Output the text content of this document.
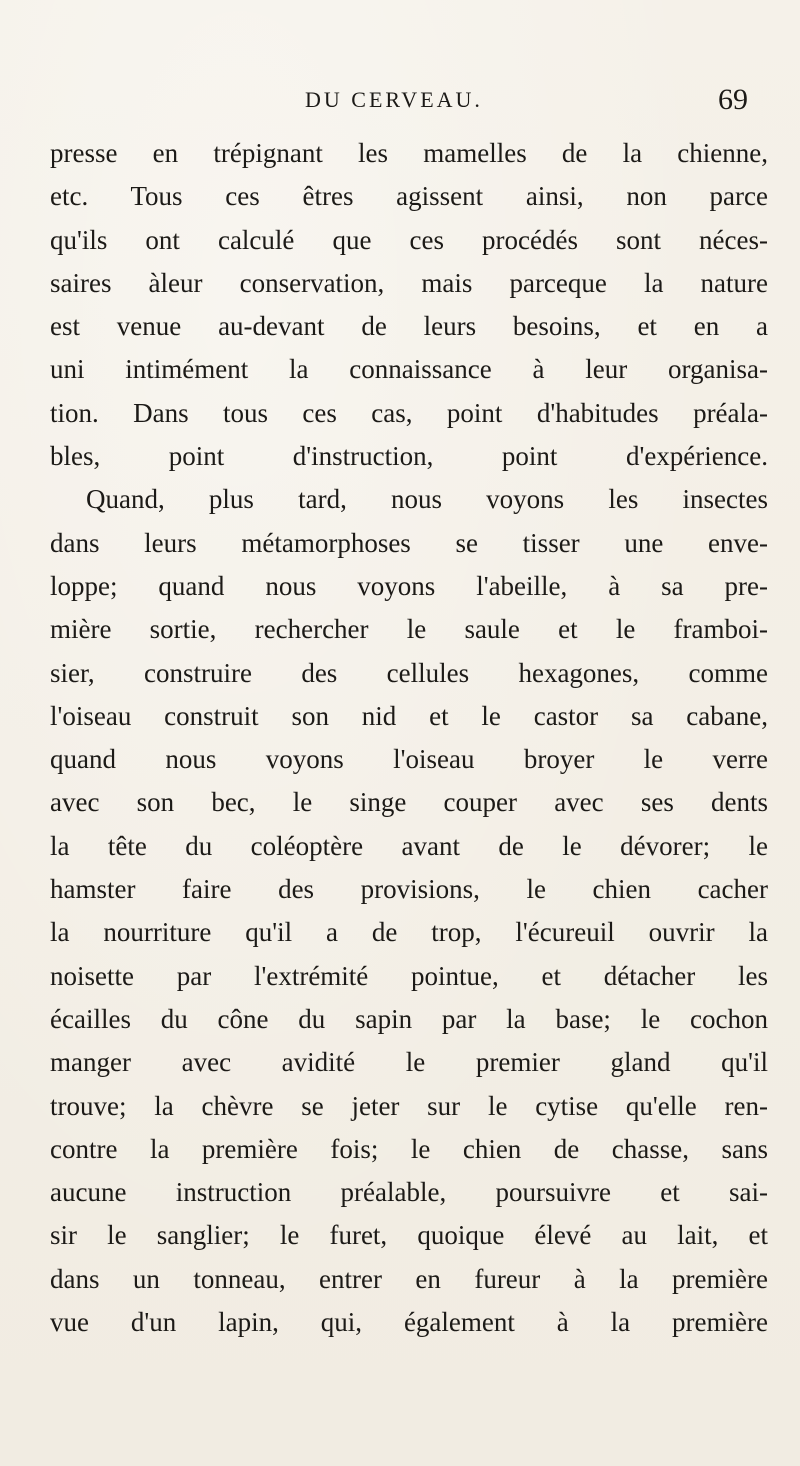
DU CERVEAU.	69
presse en trépignant les mamelles de la chienne,
etc. Tous ces êtres agissent ainsi, non parce
qu'ils ont calculé que ces procédés sont néces-
saires àleur conservation, mais parceque la nature
est venue au-devant de leurs besoins, et en a
uni intimément la connaissance à leur organisa-
tion. Dans tous ces cas, point d'habitudes préala-
bles, point d'instruction, point d'expérience.
Quand, plus tard, nous voyons les insectes
dans leurs métamorphoses se tisser une enve-
loppe; quand nous voyons l'abeille, à sa pre-
mière sortie, rechercher le saule et le framboi-
sier, construire des cellules hexagones, comme
l'oiseau construit son nid et le castor sa cabane,
quand nous voyons l'oiseau broyer le verre
avec son bec, le singe couper avec ses dents
la tête du coléoptère avant de le dévorer; le
hamster faire des provisions, le chien cacher
la nourriture qu'il a de trop, l'écureuil ouvrir la
noisette par l'extrémité pointue, et détacher les
écailles du cône du sapin par la base; le cochon
manger avec avidité le premier gland qu'il
trouve; la chèvre se jeter sur le cytise qu'elle ren-
contre la première fois; le chien de chasse, sans
aucune instruction préalable, poursuivre et sai-
sir le sanglier; le furet, quoique élevé au lait, et
dans un tonneau, entrer en fureur à la première
vue d'un lapin, qui, également à la première
